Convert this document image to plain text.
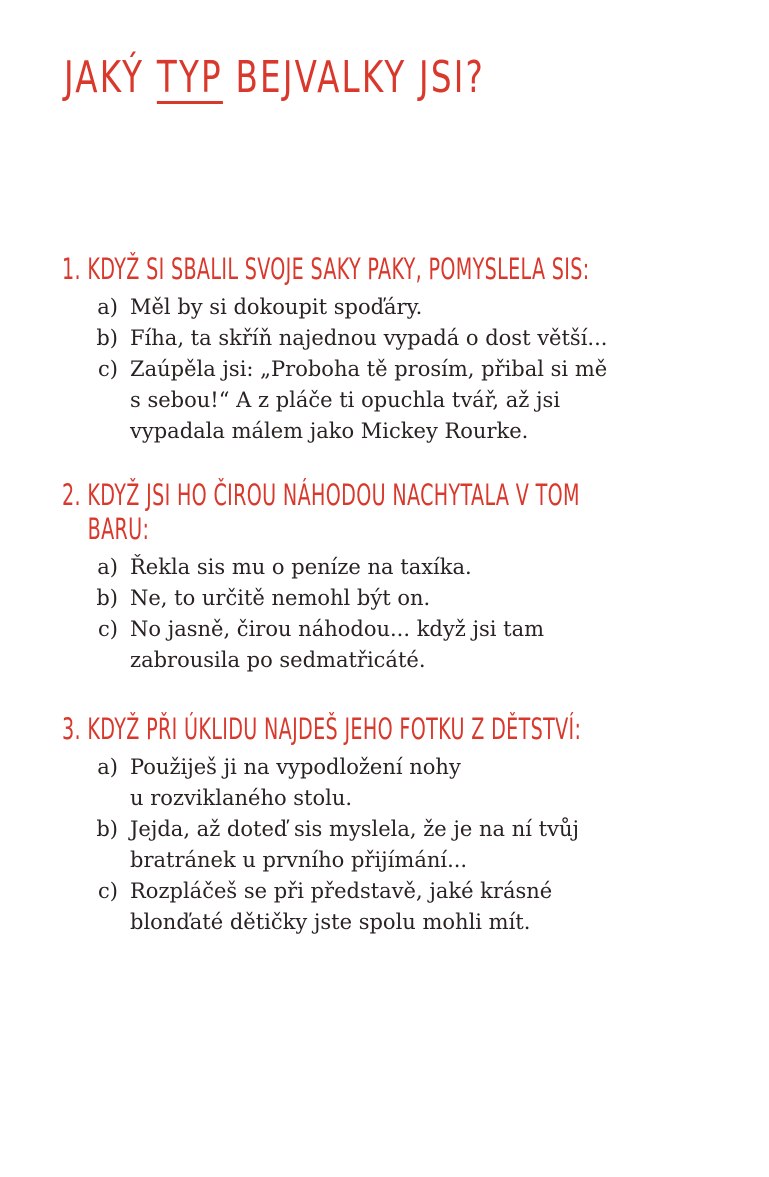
JAKÝ TYP BEJVALKY JSI?
1. KDYŽ SI SBALIL SVOJE SAKY PAKY, POMYSLELA SIS:
a) Měl by si dokoupit spoďáry.
b) Fíha, ta skříň najednou vypadá o dost větší...
c) Zaúpěla jsi: „Proboha tě prosím, přibal si mě
s sebou!“ A z pláče ti opuchla tvář, až jsi
vypadala málem jako Mickey Rourke.
2. KDYŽ JSI HO ČIROU NÁHODOU NACHYTALA V TOM
BARU:
a) Řekla sis mu o peníze na taxíka.
b) Ne, to určitě nemohl být on.
c) No jasně, čirou náhodou... když jsi tam
zabrousila po sedmatřicáté.
3. KDYŽ PŘI ÚKLIDU NAJDEŠ JEHO FOTKU Z DĚTSTVÍ:
a) Použiješ ji na vypodložení nohy
u rozviklaného stolu.
b) Jejda, až doteď sis myslela, že je na ní tvůj
bratránek u prvního přijímání...
c) Rozpláčeš se při představě, jaké krásné
blonďaté dětičky jste spolu mohli mít.
